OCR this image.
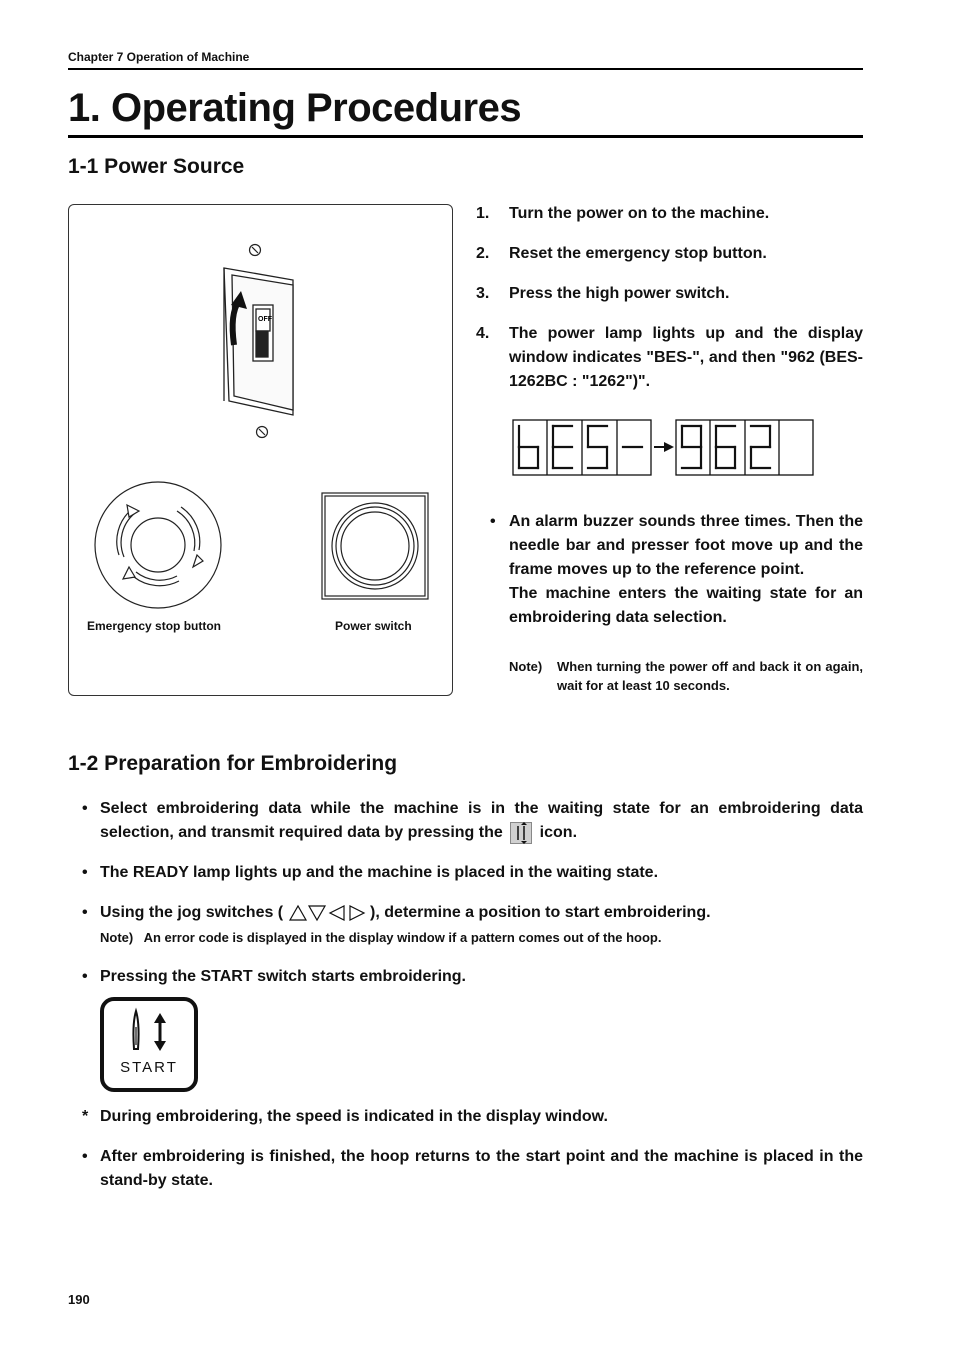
Chapter 7 Operation of Machine
1. Operating Procedures
1-1 Power Source
OFF
Emergency stop button	Power switch
1.	Turn the power on to the machine.
2.	Reset the emergency stop button.
3.	Press the high power switch.
4.	The power lamp lights up and the display window indicates "BES-", and then "962 (BES-1262BC : "1262")".
• An alarm buzzer sounds three times. Then the needle bar and presser foot move up and the frame moves up to the reference point.
The machine enters the waiting state for an embroidering data selection.
Note)	When turning the power off and back it on again, wait for at least 10 seconds.
1-2 Preparation for Embroidering
• Select embroidering data while the machine is in the waiting state for an embroidering data selection, and transmit required data by pressing the icon.
• The READY lamp lights up and the machine is placed in the waiting state.
• Using the jog switches (	), determine a position to start embroidering.
Note) An error code is displayed in the display window if a pattern comes out of the hoop.
• Pressing the START switch starts embroidering.
START
* During embroidering, the speed is indicated in the display window.
• After embroidering is finished, the hoop returns to the start point and the machine is placed in the stand-by state.
190
